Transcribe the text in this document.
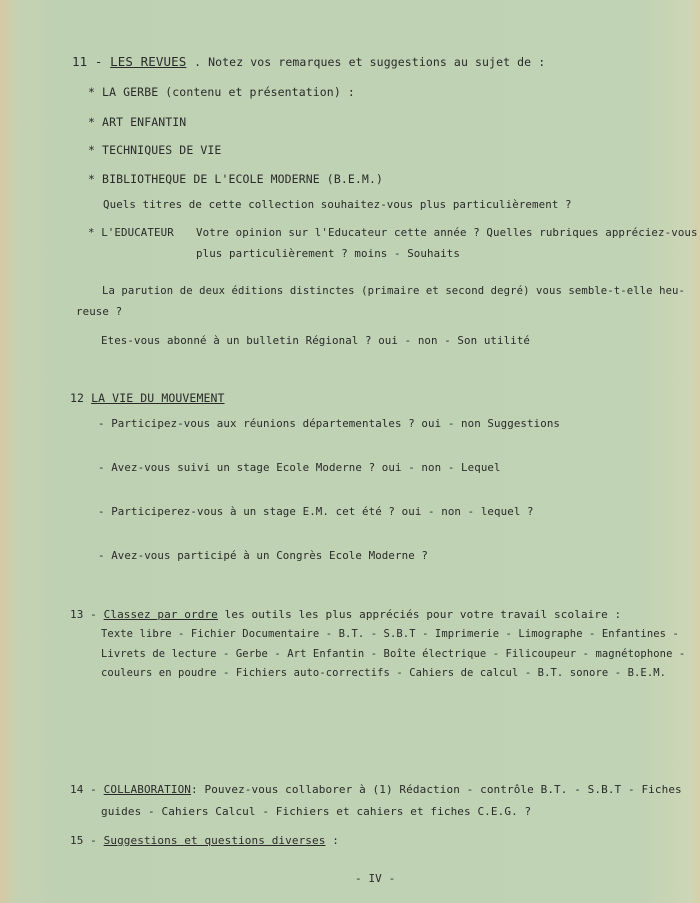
11 - LES REVUES . Notez vos remarques et suggestions au sujet de :
* LA GERBE (contenu et présentation) :
* ART ENFANTIN
* TECHNIQUES DE VIE
* BIBLIOTHEQUE DE L'ECOLE MODERNE (B.E.M.)
Quels titres de cette collection souhaitez-vous plus particulièrement ?
* L'EDUCATEUR Votre opinion sur l'Educateur cette année ? Quelles rubriques appréciez-vous
plus particulièrement ? moins - Souhaits
La parution de deux éditions distinctes (primaire et second degré) vous semble-t-elle heu-
reuse ?
Etes-vous abonné à un bulletin Régional ? oui - non - Son utilité
12 LA VIE DU MOUVEMENT
- Participez-vous aux réunions départementales ? oui - non Suggestions
- Avez-vous suivi un stage Ecole Moderne ? oui - non - Lequel
- Participerez-vous à un stage E.M. cet été ? oui - non - lequel ?
- Avez-vous participé à un Congrès Ecole Moderne ?
13 - Classez par ordre les outils les plus appréciés pour votre travail scolaire :
Texte libre - Fichier Documentaire - B.T. - S.B.T - Imprimerie - Limographe - Enfantines -
Livrets de lecture - Gerbe - Art Enfantin - Boîte électrique - Filicoupeur - magnétophone -
couleurs en poudre - Fichiers auto-correctifs - Cahiers de calcul - B.T. sonore - B.E.M.
14 - COLLABORATION: Pouvez-vous collaborer à (1) Rédaction - contrôle B.T. - S.B.T - Fiches
guides - Cahiers Calcul - Fichiers et cahiers et fiches C.E.G. ?
15 - Suggestions et questions diverses :
- IV -
